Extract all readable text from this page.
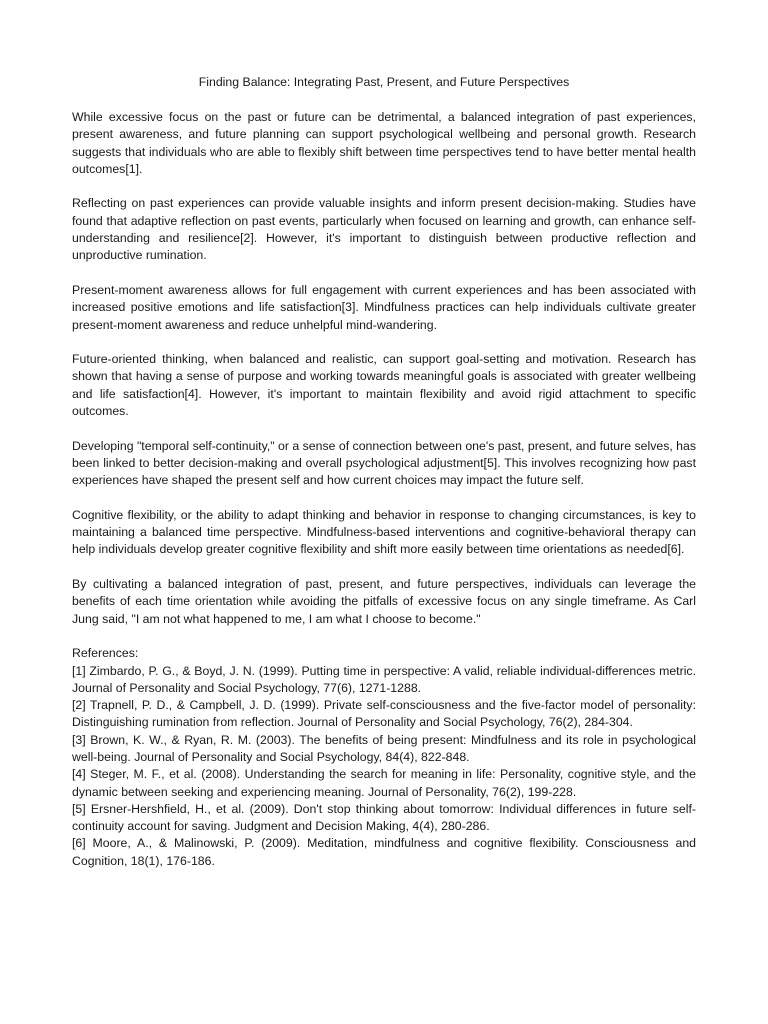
Finding Balance: Integrating Past, Present, and Future Perspectives

While excessive focus on the past or future can be detrimental, a balanced integration of past experiences, present awareness, and future planning can support psychological wellbeing and personal growth. Research suggests that individuals who are able to flexibly shift between time perspectives tend to have better mental health outcomes[1].

Reflecting on past experiences can provide valuable insights and inform present decision-making. Studies have found that adaptive reflection on past events, particularly when focused on learning and growth, can enhance self-understanding and resilience[2]. However, it's important to distinguish between productive reflection and unproductive rumination.

Present-moment awareness allows for full engagement with current experiences and has been associated with increased positive emotions and life satisfaction[3]. Mindfulness practices can help individuals cultivate greater present-moment awareness and reduce unhelpful mind-wandering.

Future-oriented thinking, when balanced and realistic, can support goal-setting and motivation. Research has shown that having a sense of purpose and working towards meaningful goals is associated with greater wellbeing and life satisfaction[4]. However, it's important to maintain flexibility and avoid rigid attachment to specific outcomes.

Developing "temporal self-continuity," or a sense of connection between one's past, present, and future selves, has been linked to better decision-making and overall psychological adjustment[5]. This involves recognizing how past experiences have shaped the present self and how current choices may impact the future self.

Cognitive flexibility, or the ability to adapt thinking and behavior in response to changing circumstances, is key to maintaining a balanced time perspective. Mindfulness-based interventions and cognitive-behavioral therapy can help individuals develop greater cognitive flexibility and shift more easily between time orientations as needed[6].

By cultivating a balanced integration of past, present, and future perspectives, individuals can leverage the benefits of each time orientation while avoiding the pitfalls of excessive focus on any single timeframe. As Carl Jung said, "I am not what happened to me, I am what I choose to become."

References:

[1] Zimbardo, P. G., & Boyd, J. N. (1999). Putting time in perspective: A valid, reliable individual-differences metric. Journal of Personality and Social Psychology, 77(6), 1271-1288.

[2] Trapnell, P. D., & Campbell, J. D. (1999). Private self-consciousness and the five-factor model of personality: Distinguishing rumination from reflection. Journal of Personality and Social Psychology, 76(2), 284-304.

[3] Brown, K. W., & Ryan, R. M. (2003). The benefits of being present: Mindfulness and its role in psychological well-being. Journal of Personality and Social Psychology, 84(4), 822-848.

[4] Steger, M. F., et al. (2008). Understanding the search for meaning in life: Personality, cognitive style, and the dynamic between seeking and experiencing meaning. Journal of Personality, 76(2), 199-228.

[5] Ersner-Hershfield, H., et al. (2009). Don't stop thinking about tomorrow: Individual differences in future self-continuity account for saving. Judgment and Decision Making, 4(4), 280-286.

[6] Moore, A., & Malinowski, P. (2009). Meditation, mindfulness and cognitive flexibility. Consciousness and Cognition, 18(1), 176-186.
